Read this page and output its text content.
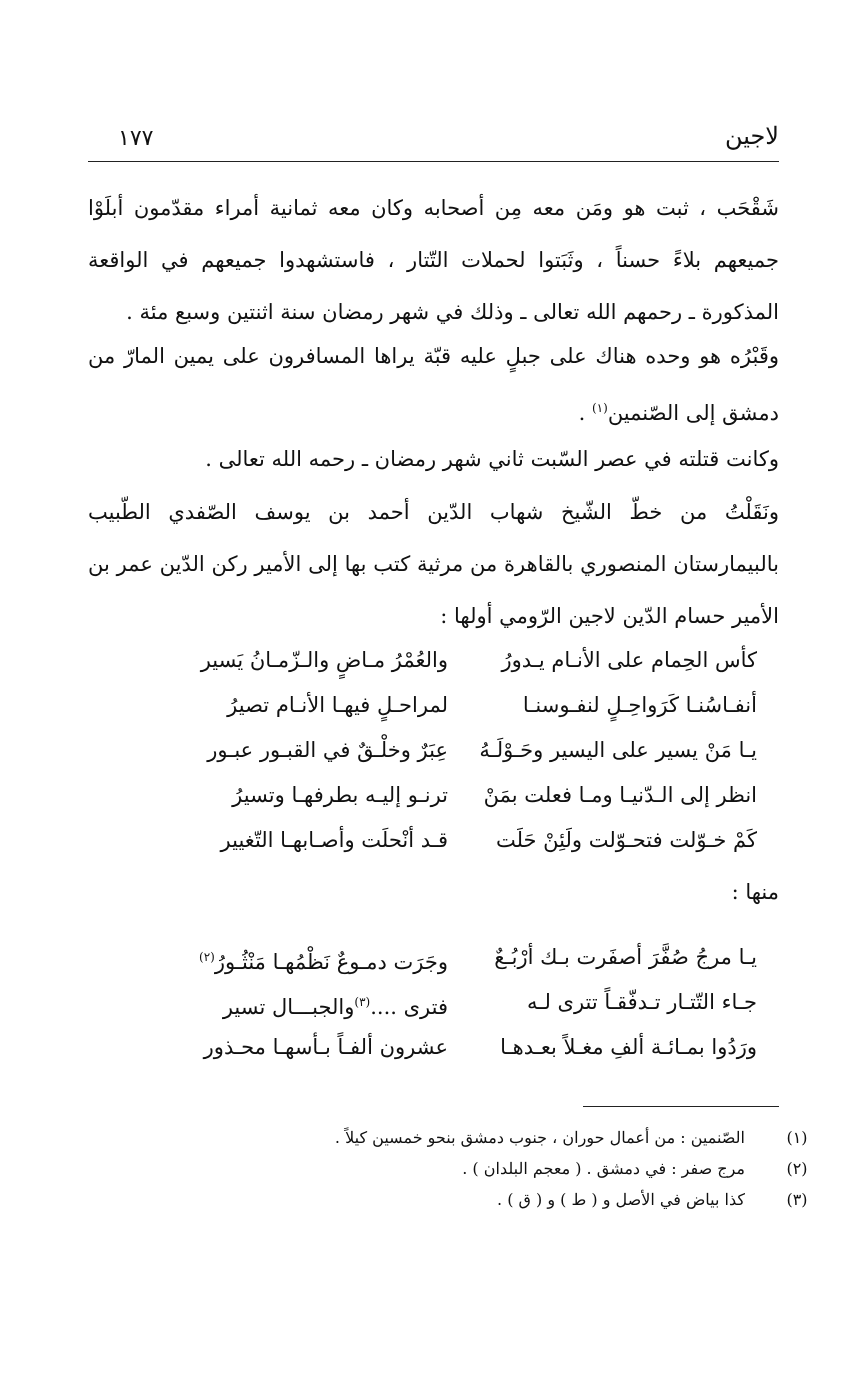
لاجين
١٧٧

شَقْحَب ، ثبت هو ومَن معه مِن أصحابه وكان معه ثمانية أمراء مقدّمون أبلَوْا جميعهم بلاءً حسناً ، وثَبَتوا لحملات التّتار ، فاستشهدوا جميعهم في الواقعة المذكورة ـ رحمهم الله تعالى ـ وذلك في شهر رمضان سنة اثنتين وسبع مئة .

وقَبْرُه هو وحده هناك على جبلٍ عليه قبّة يراها المسافرون على يمين المارّ من دمشق إلى الصّنمين$^{(١)}$ .

وكانت قتلته في عصر السّبت ثاني شهر رمضان ـ رحمه الله تعالى .

ونَقَلْتُ من خطّ الشّيخ شهاب الدّين أحمد بن يوسف الصّفدي الطّبيب بالبيمارستان المنصوري بالقاهرة من مرثية كتب بها إلى الأمير ركن الدّين عمر بن الأمير حسام الدّين لاجين الرّومي أولها :

كأس الحِمام على الأنـام يـدورُ
والعُمْرُ مـاضٍ والـزّمـانُ يَسير
أنفـاسُنـا كَرَواحِـلٍ لنفـوسنـا
لمراحـلٍ فيهـا الأنـام تصيرُ
يـا مَنْ يسير على اليسير وحَـوْلَـهُ
عِبَرٌ وخلْـقٌ في القبـور عبـور
انظر إلى الـدّنيـا ومـا فعلت بمَنْ
ترنـو إليـه بطرفهـا وتسيرُ
كَمْ خـوّلت فتحـوّلت ولَئِنْ حَلَت
قـد أنْحلَت وأصـابهـا التّغيير
منها :
يـا مرجُ صُفَّرَ أصفَرت بـك أرْبُـعٌ
وجَرَت دمـوعٌ نَظْمُهـا مَنْثُـورُ$^{(٢)}$
جـاء التّتـار تـدفّقـاً تترى لـه
فترى ....$^{(٣)}$والجبـــال تسير
ورَدُوا بمـائـة ألفِ مغـلاً بعـدهـا
عشرون ألفـاً بـأسهـا محـذور
(١)
الصّنمين : من أعمال حوران ، جنوب دمشق بنحو خمسين كيلاً .
(٢)
مرج صفر : في دمشق . ( معجم البلدان ) .
(٣)
كذا بياض في الأصل و ( ط ) و ( ق ) .
